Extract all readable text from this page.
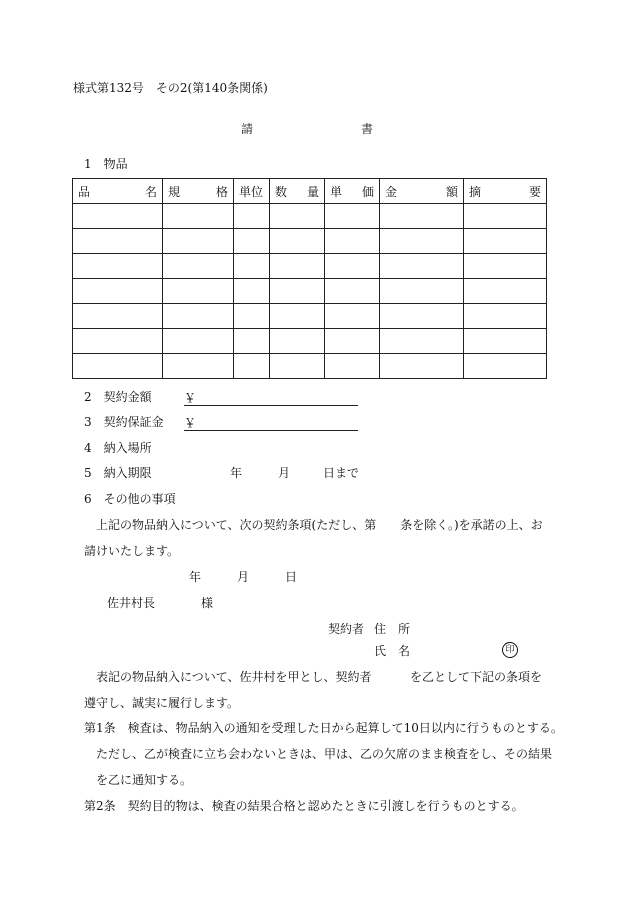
様式第132号　その2(第140条関係)
請	書
1　物品
品 名	規 格	単位	数 量	単 価	金 額	摘 要

2　契約金額	￥
3　契約保証金 ￥
4　納入場所
5　納入期限	年	月	日まで
6　その他の事項
上記の物品納入について、次の契約条項(ただし、第　　条を除く。)を承諾の上、お
請けいたします。
年	月	日
佐井村長	様
契約者 住　所
氏　名	印
表記の物品納入について、佐井村を甲とし、契約者	を乙として下記の条項を
遵守し、誠実に履行します。
第1条　検査は、物品納入の通知を受理した日から起算して10日以内に行うものとする。
ただし、乙が検査に立ち会わないときは、甲は、乙の欠席のまま検査をし、その結果
を乙に通知する。
第2条　契約目的物は、検査の結果合格と認めたときに引渡しを行うものとする。
